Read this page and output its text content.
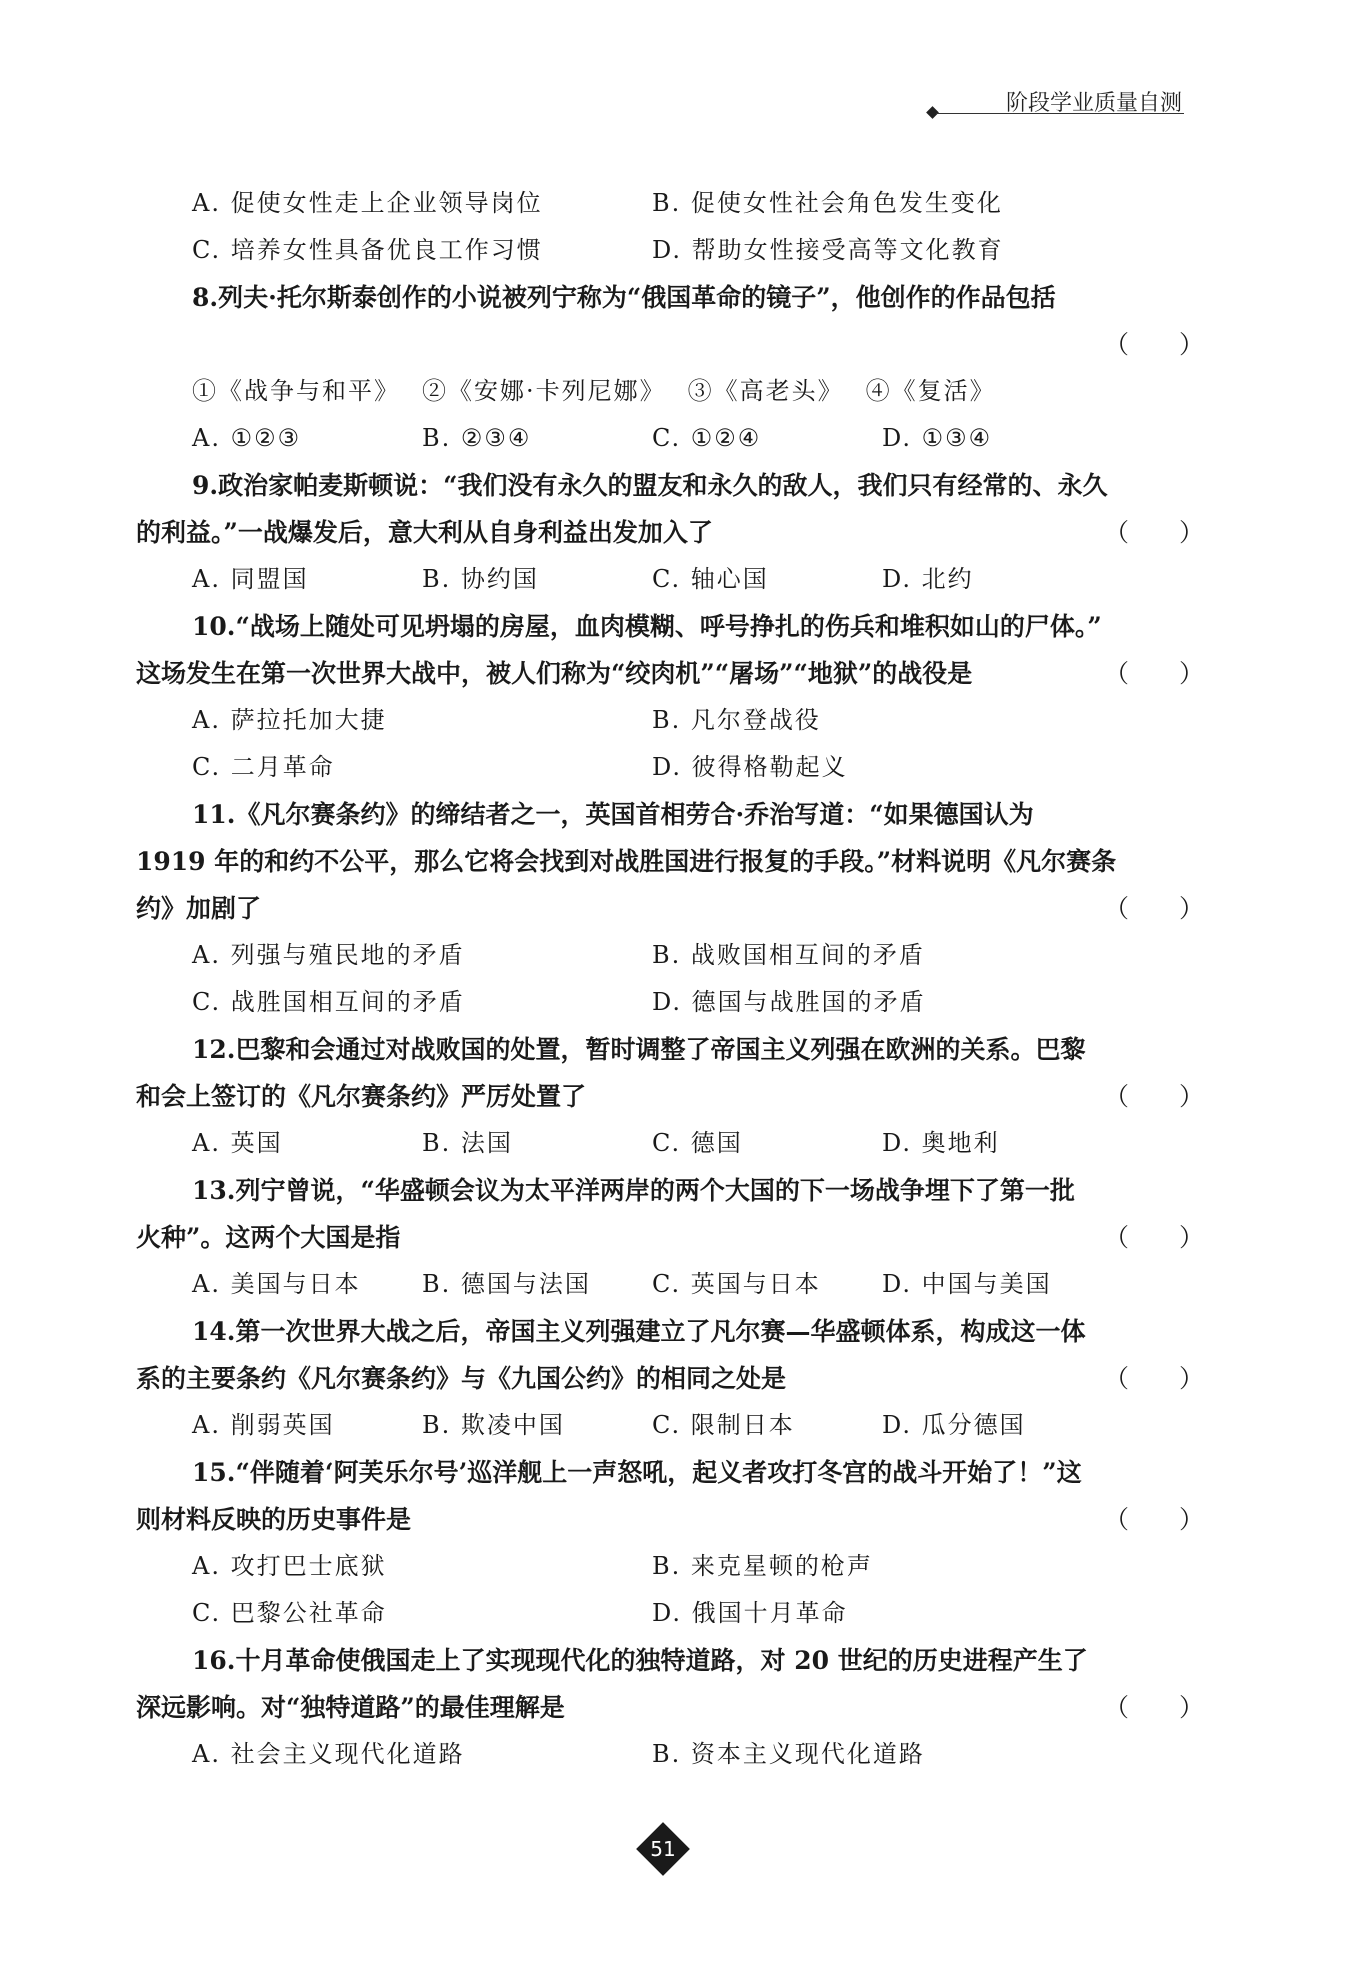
阶段学业质量自测
A. 促使女性走上企业领导岗位	B. 促使女性社会角色发生变化
C. 培养女性具备优良工作习惯	D. 帮助女性接受高等文化教育
8.列夫·托尔斯泰创作的小说被列宁称为“俄国革命的镜子”，他创作的作品包括
（　　）
①《战争与和平》 ②《安娜·卡列尼娜》 ③《高老头》 ④《复活》
A. ①②③	B. ②③④	C. ①②④	D. ①③④
9.政治家帕麦斯顿说：“我们没有永久的盟友和永久的敌人，我们只有经常的、永久
（　　）
的利益。”一战爆发后，意大利从自身利益出发加入了
A. 同盟国	B. 协约国	C. 轴心国	D. 北约
10.“战场上随处可见坍塌的房屋，血肉模糊、呼号挣扎的伤兵和堆积如山的尸体。”
（　　）
这场发生在第一次世界大战中，被人们称为“绞肉机”“屠场”“地狱”的战役是
A. 萨拉托加大捷	B. 凡尔登战役
C. 二月革命	D. 彼得格勒起义
11.《凡尔赛条约》的缔结者之一，英国首相劳合·乔治写道：“如果德国认为
1919 年的和约不公平，那么它将会找到对战胜国进行报复的手段。”材料说明《凡尔赛条
（　　）
约》加剧了
A. 列强与殖民地的矛盾	B. 战败国相互间的矛盾
C. 战胜国相互间的矛盾	D. 德国与战胜国的矛盾
12.巴黎和会通过对战败国的处置，暂时调整了帝国主义列强在欧洲的关系。巴黎
（　　）
和会上签订的《凡尔赛条约》严厉处置了
A. 英国	B. 法国	C. 德国	D. 奥地利
13.列宁曾说，“华盛顿会议为太平洋两岸的两个大国的下一场战争埋下了第一批
（　　）
火种”。这两个大国是指
A. 美国与日本	B. 德国与法国	C. 英国与日本	D. 中国与美国
14.第一次世界大战之后，帝国主义列强建立了凡尔赛—华盛顿体系，构成这一体
（　　）
系的主要条约《凡尔赛条约》与《九国公约》的相同之处是
A. 削弱英国	B. 欺凌中国	C. 限制日本	D. 瓜分德国
15.“伴随着‘阿芙乐尔号’巡洋舰上一声怒吼，起义者攻打冬宫的战斗开始了！”这
（　　）
则材料反映的历史事件是
A. 攻打巴士底狱	B. 来克星顿的枪声
C. 巴黎公社革命	D. 俄国十月革命
16.十月革命使俄国走上了实现现代化的独特道路，对 20 世纪的历史进程产生了
（　　）
深远影响。对“独特道路”的最佳理解是
A. 社会主义现代化道路	B. 资本主义现代化道路
51
